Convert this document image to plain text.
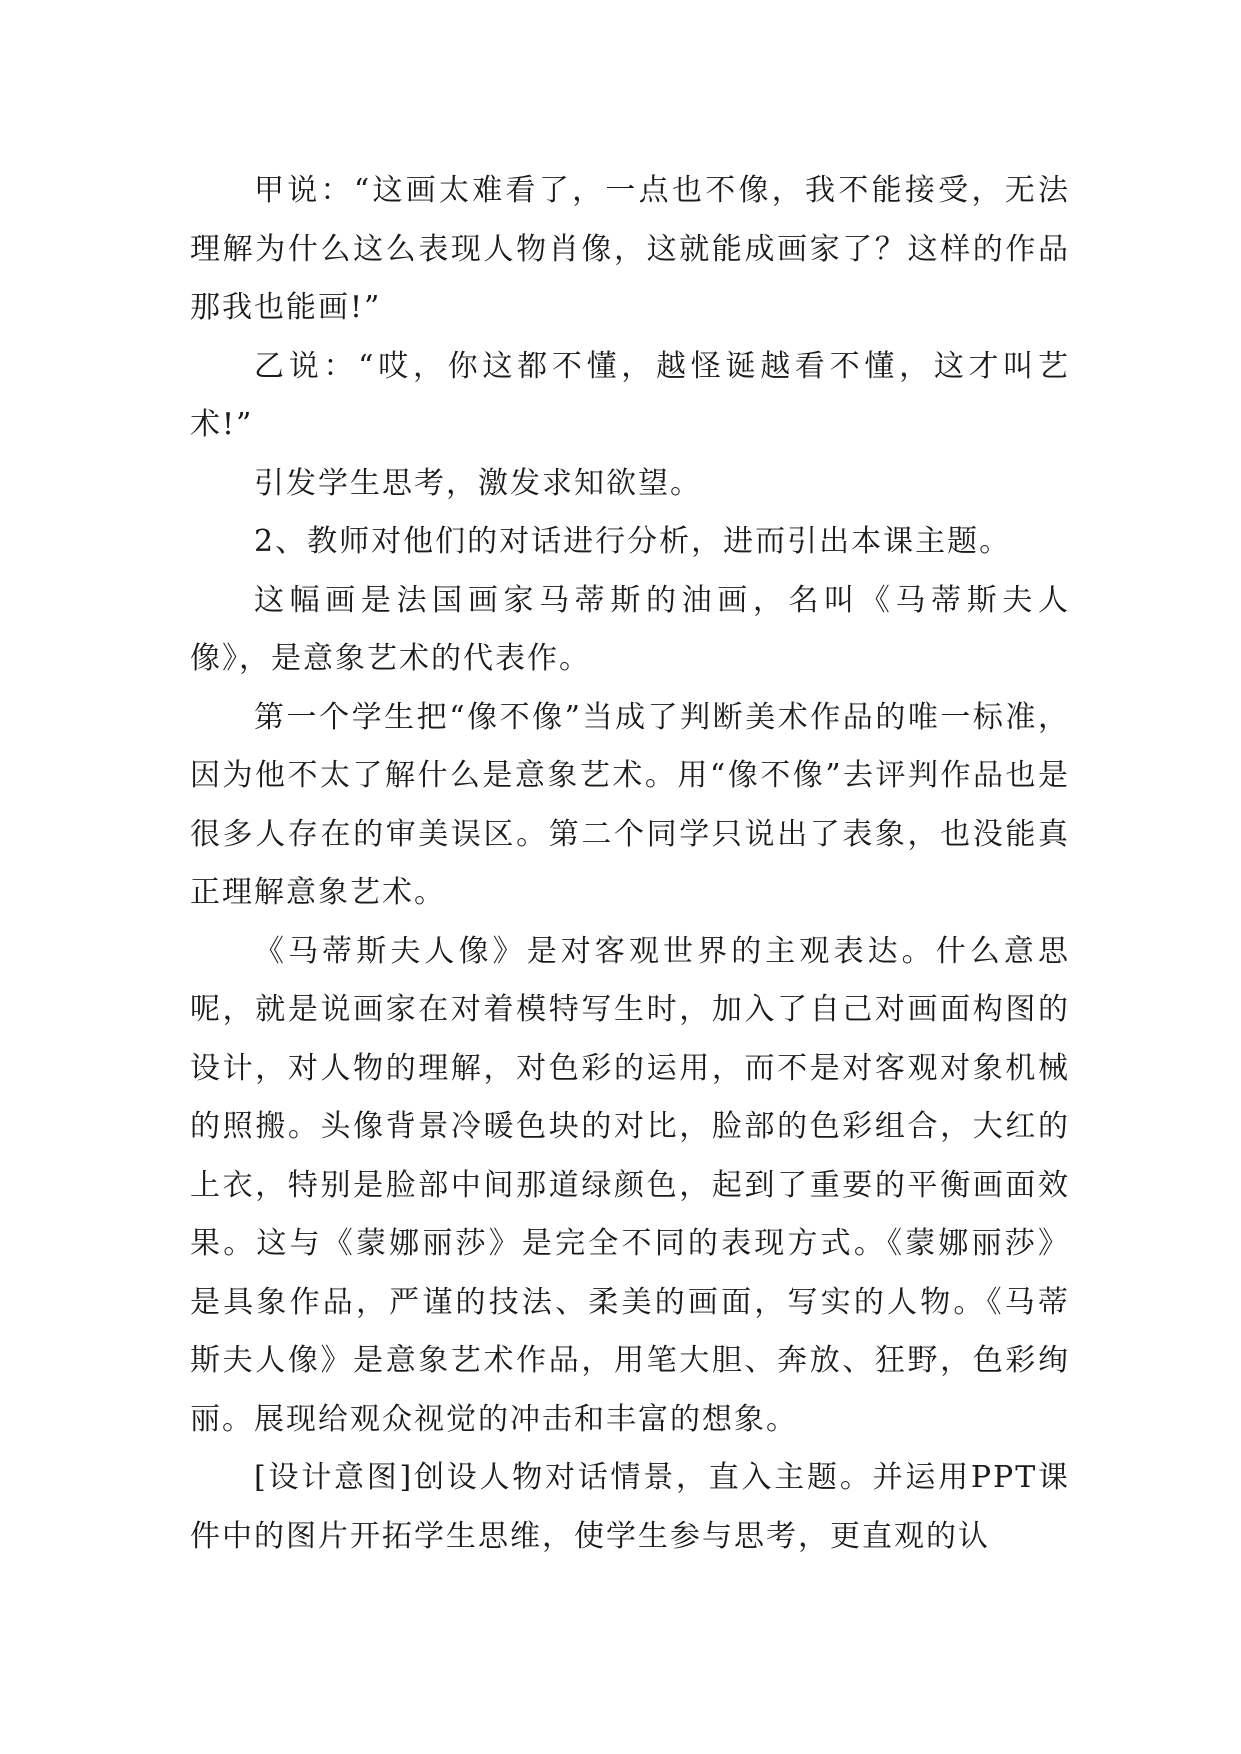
甲说：“这画太难看了，一点也不像，我不能接受，无法理解为什么这么表现人物肖像，这就能成画家了？这样的作品那我也能画!”

乙说：“哎，你这都不懂，越怪诞越看不懂，这才叫艺术!”

引发学生思考，激发求知欲望。

2、教师对他们的对话进行分析，进而引出本课主题。

这幅画是法国画家马蒂斯的油画，名叫《马蒂斯夫人像》，是意象艺术的代表作。

第一个学生把“像不像”当成了判断美术作品的唯一标准，因为他不太了解什么是意象艺术。用“像不像”去评判作品也是很多人存在的审美误区。第二个同学只说出了表象，也没能真正理解意象艺术。

《马蒂斯夫人像》是对客观世界的主观表达。什么意思呢，就是说画家在对着模特写生时，加入了自己对画面构图的设计，对人物的理解，对色彩的运用，而不是对客观对象机械的照搬。头像背景冷暖色块的对比，脸部的色彩组合，大红的上衣，特别是脸部中间那道绿颜色，起到了重要的平衡画面效果。这与《蒙娜丽莎》是完全不同的表现方式。《蒙娜丽莎》是具象作品，严谨的技法、柔美的画面，写实的人物。《马蒂斯夫人像》是意象艺术作品，用笔大胆、奔放、狂野，色彩绚丽。展现给观众视觉的冲击和丰富的想象。

[设计意图]创设人物对话情景，直入主题。并运用PPT课件中的图片开拓学生思维，使学生参与思考，更直观的认
